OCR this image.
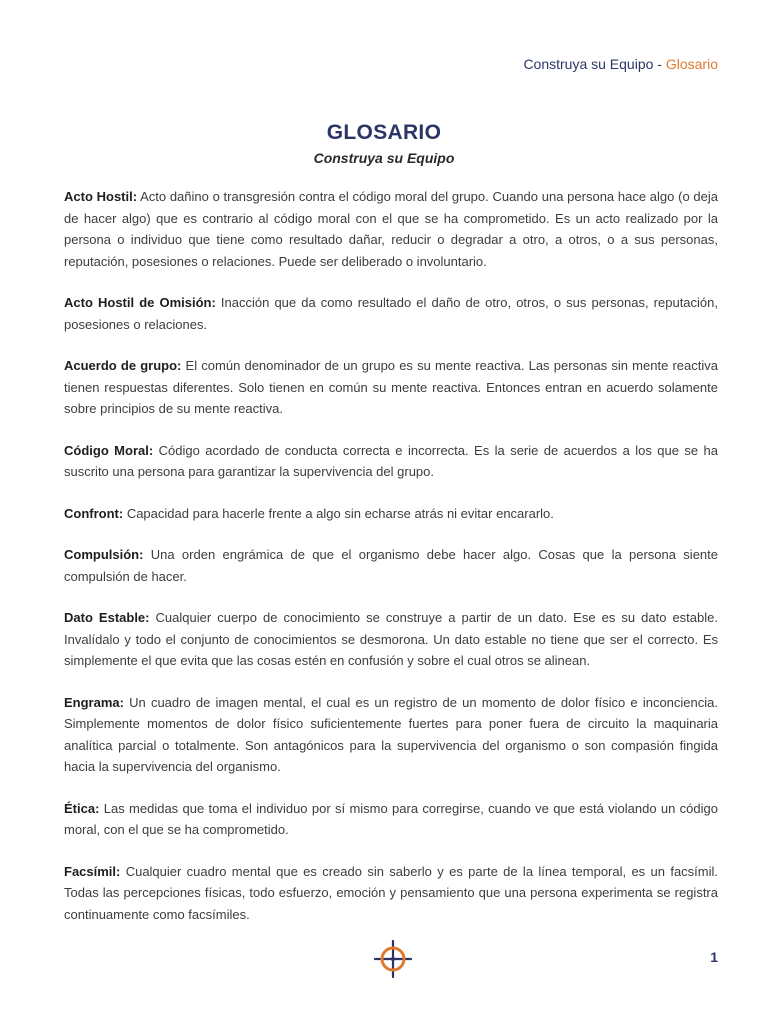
Construya su Equipo - Glosario
GLOSARIO

Construya su Equipo

Acto Hostil: Acto dañino o transgresión contra el código moral del grupo. Cuando una persona hace algo (o deja de hacer algo) que es contrario al código moral con el que se ha comprometido. Es un acto realizado por la persona o individuo que tiene como resultado dañar, reducir o degradar a otro, a otros, o a sus personas, reputación, posesiones o relaciones. Puede ser deliberado o involuntario.

Acto Hostil de Omisión: Inacción que da como resultado el daño de otro, otros, o sus personas, reputación, posesiones o relaciones.

Acuerdo de grupo: El común denominador de un grupo es su mente reactiva. Las personas sin mente reactiva tienen respuestas diferentes. Solo tienen en común su mente reactiva. Entonces entran en acuerdo solamente sobre principios de su mente reactiva.

Código Moral: Código acordado de conducta correcta e incorrecta. Es la serie de acuerdos a los que se ha suscrito una persona para garantizar la supervivencia del grupo.

Confront: Capacidad para hacerle frente a algo sin echarse atrás ni evitar encararlo.

Compulsión: Una orden engrámica de que el organismo debe hacer algo. Cosas que la persona siente compulsión de hacer.

Dato Estable: Cualquier cuerpo de conocimiento se construye a partir de un dato. Ese es su dato estable. Invalídalo y todo el conjunto de conocimientos se desmorona. Un dato estable no tiene que ser el correcto. Es simplemente el que evita que las cosas estén en confusión y sobre el cual otros se alinean.

Engrama: Un cuadro de imagen mental, el cual es un registro de un momento de dolor físico e inconciencia. Simplemente momentos de dolor físico suficientemente fuertes para poner fuera de circuito la maquinaria analítica parcial o totalmente. Son antagónicos para la supervivencia del organismo o son compasión fingida hacia la supervivencia del organismo.

Ética: Las medidas que toma el individuo por sí mismo para corregirse, cuando ve que está violando un código moral, con el que se ha comprometido.

Facsímil: Cualquier cuadro mental que es creado sin saberlo y es parte de la línea temporal, es un facsímil. Todas las percepciones físicas, todo esfuerzo, emoción y pensamiento que una persona experimenta se registra continuamente como facsímiles.

1
